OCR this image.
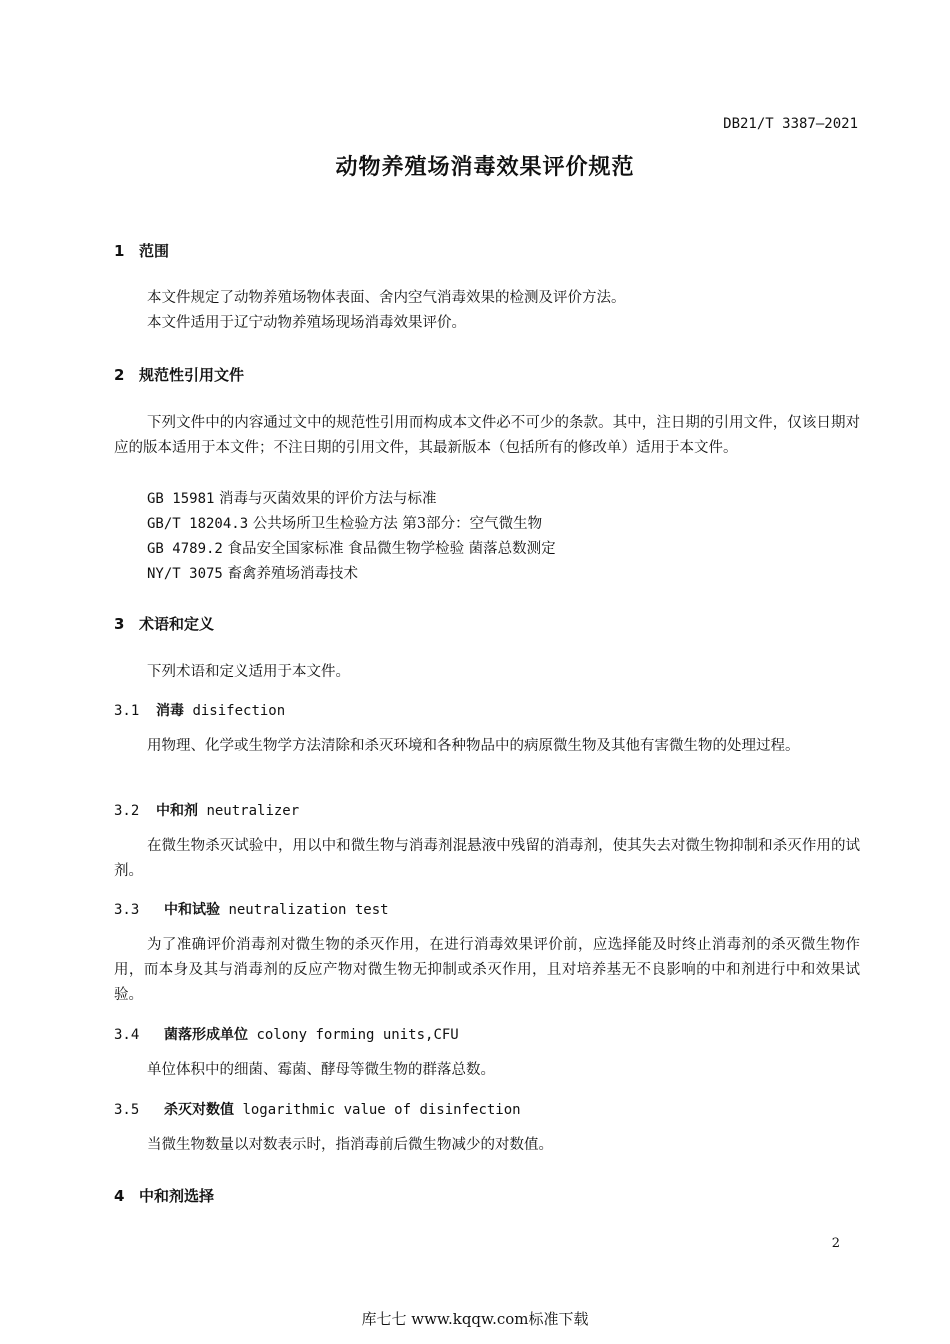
DB21/T 3387—2021
动物养殖场消毒效果评价规范
1 范围
本文件规定了动物养殖场物体表面、舍内空气消毒效果的检测及评价方法。
本文件适用于辽宁动物养殖场现场消毒效果评价。
2 规范性引用文件
下列文件中的内容通过文中的规范性引用而构成本文件必不可少的条款。其中，注日期的引用文件，仅该日期对应的版本适用于本文件；不注日期的引用文件，其最新版本（包括所有的修改单）适用于本文件。
GB 15981 消毒与灭菌效果的评价方法与标准
GB/T 18204.3 公共场所卫生检验方法 第3部分：空气微生物
GB 4789.2 食品安全国家标准 食品微生物学检验 菌落总数测定
NY/T 3075 畜禽养殖场消毒技术
3 术语和定义
下列术语和定义适用于本文件。
3.1 消毒 disifection
用物理、化学或生物学方法清除和杀灭环境和各种物品中的病原微生物及其他有害微生物的处理过程。
3.2 中和剂 neutralizer
在微生物杀灭试验中，用以中和微生物与消毒剂混悬液中残留的消毒剂，使其失去对微生物抑制和杀灭作用的试剂。
3.3 中和试验 neutralization test
为了准确评价消毒剂对微生物的杀灭作用，在进行消毒效果评价前，应选择能及时终止消毒剂的杀灭微生物作用，而本身及其与消毒剂的反应产物对微生物无抑制或杀灭作用，且对培养基无不良影响的中和剂进行中和效果试验。
3.4 菌落形成单位 colony forming units,CFU
单位体积中的细菌、霉菌、酵母等微生物的群落总数。
3.5 杀灭对数值 logarithmic value of disinfection
当微生物数量以对数表示时，指消毒前后微生物减少的对数值。
4 中和剂选择
2
库七七 www.kqqw.com标准下载
